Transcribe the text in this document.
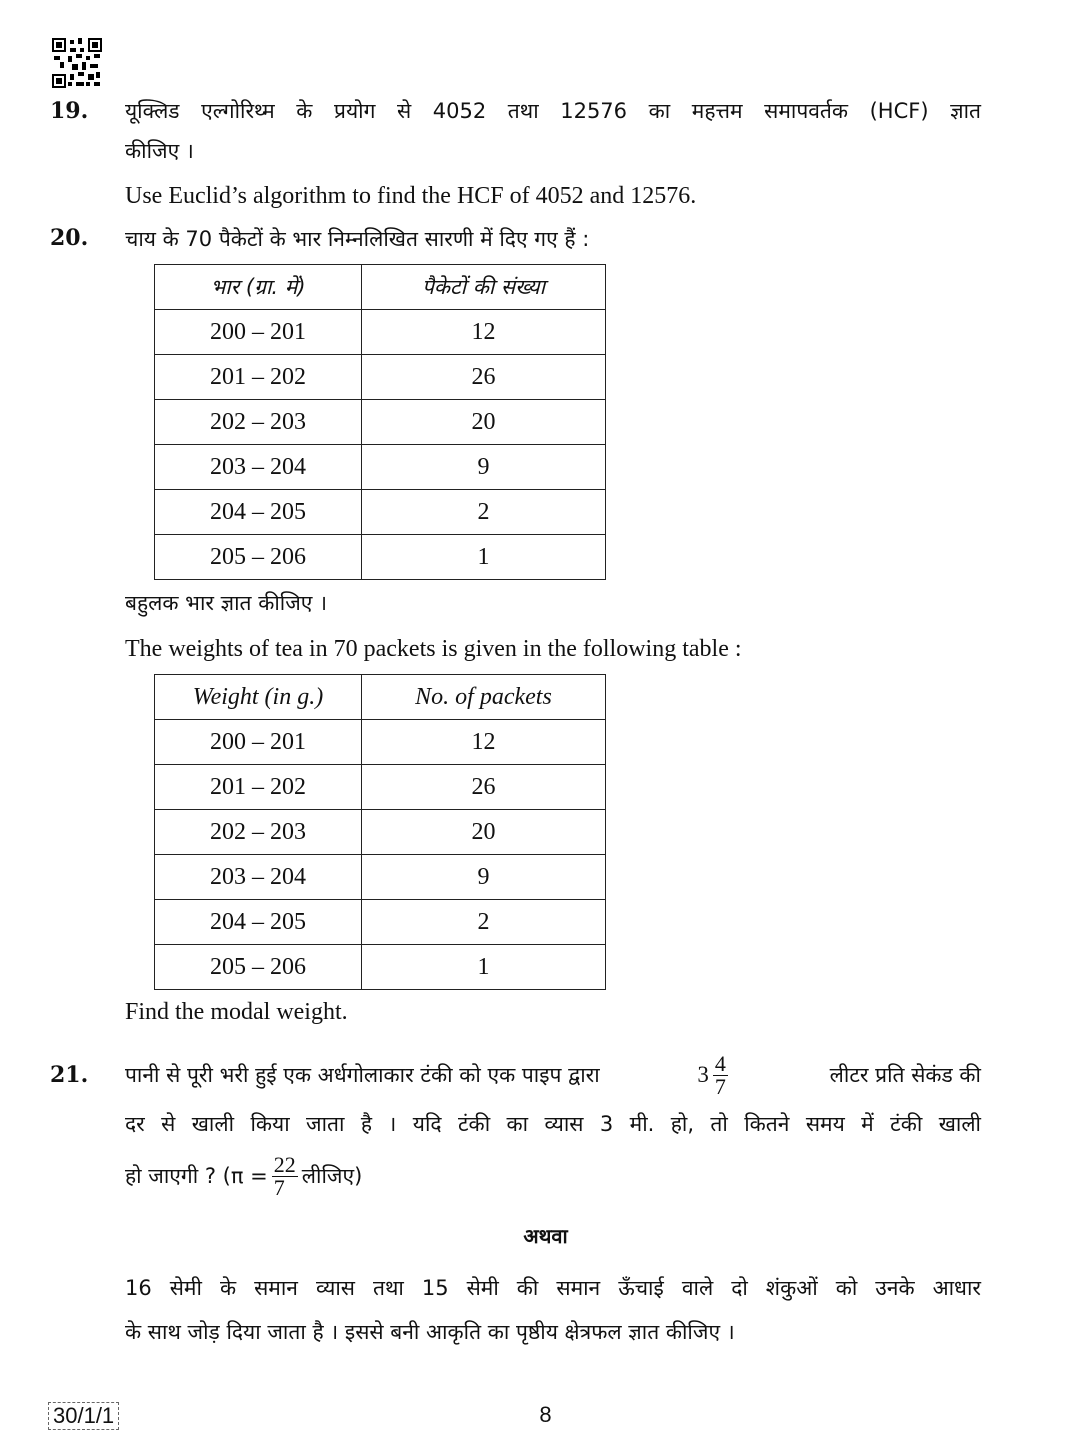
19. यूक्लिड एल्गोरिथ्म के प्रयोग से 4052 तथा 12576 का महत्तम समापवर्तक (HCF) ज्ञात
कीजिए ।
Use Euclid’s algorithm to find the HCF of 4052 and 12576.
20. चाय के 70 पैकेटों के भार निम्नलिखित सारणी में दिए गए हैं :
भार (ग्रा. में)	पैकेटों की संख्या
200 – 201	12
201 – 202	26
202 – 203	20
203 – 204	9
204 – 205	2
205 – 206	1
बहुलक भार ज्ञात कीजिए ।
The weights of tea in 70 packets is given in the following table :
Weight (in g.)	No. of packets
200 – 201	12
201 – 202	26
202 – 203	20
203 – 204	9
204 – 205	2
205 – 206	1
Find the modal weight.
21. पानी से पूरी भरी हुई एक अर्धगोलाकार टंकी को एक पाइप द्वारा	$3 \frac{4}{7}$	लीटर प्रति सेकंड की
दर से खाली किया जाता है । यदि टंकी का व्यास 3 मी. हो, तो कितने समय में टंकी खाली
हो जाएगी ? ($\pi = \frac{22}{7}$ लीजिए)
अथवा
16 सेमी के समान व्यास तथा 15 सेमी की समान ऊँचाई वाले दो शंकुओं को उनके आधार
के साथ जोड़ दिया जाता है । इससे बनी आकृति का पृष्ठीय क्षेत्रफल ज्ञात कीजिए ।
30/1/1	8
